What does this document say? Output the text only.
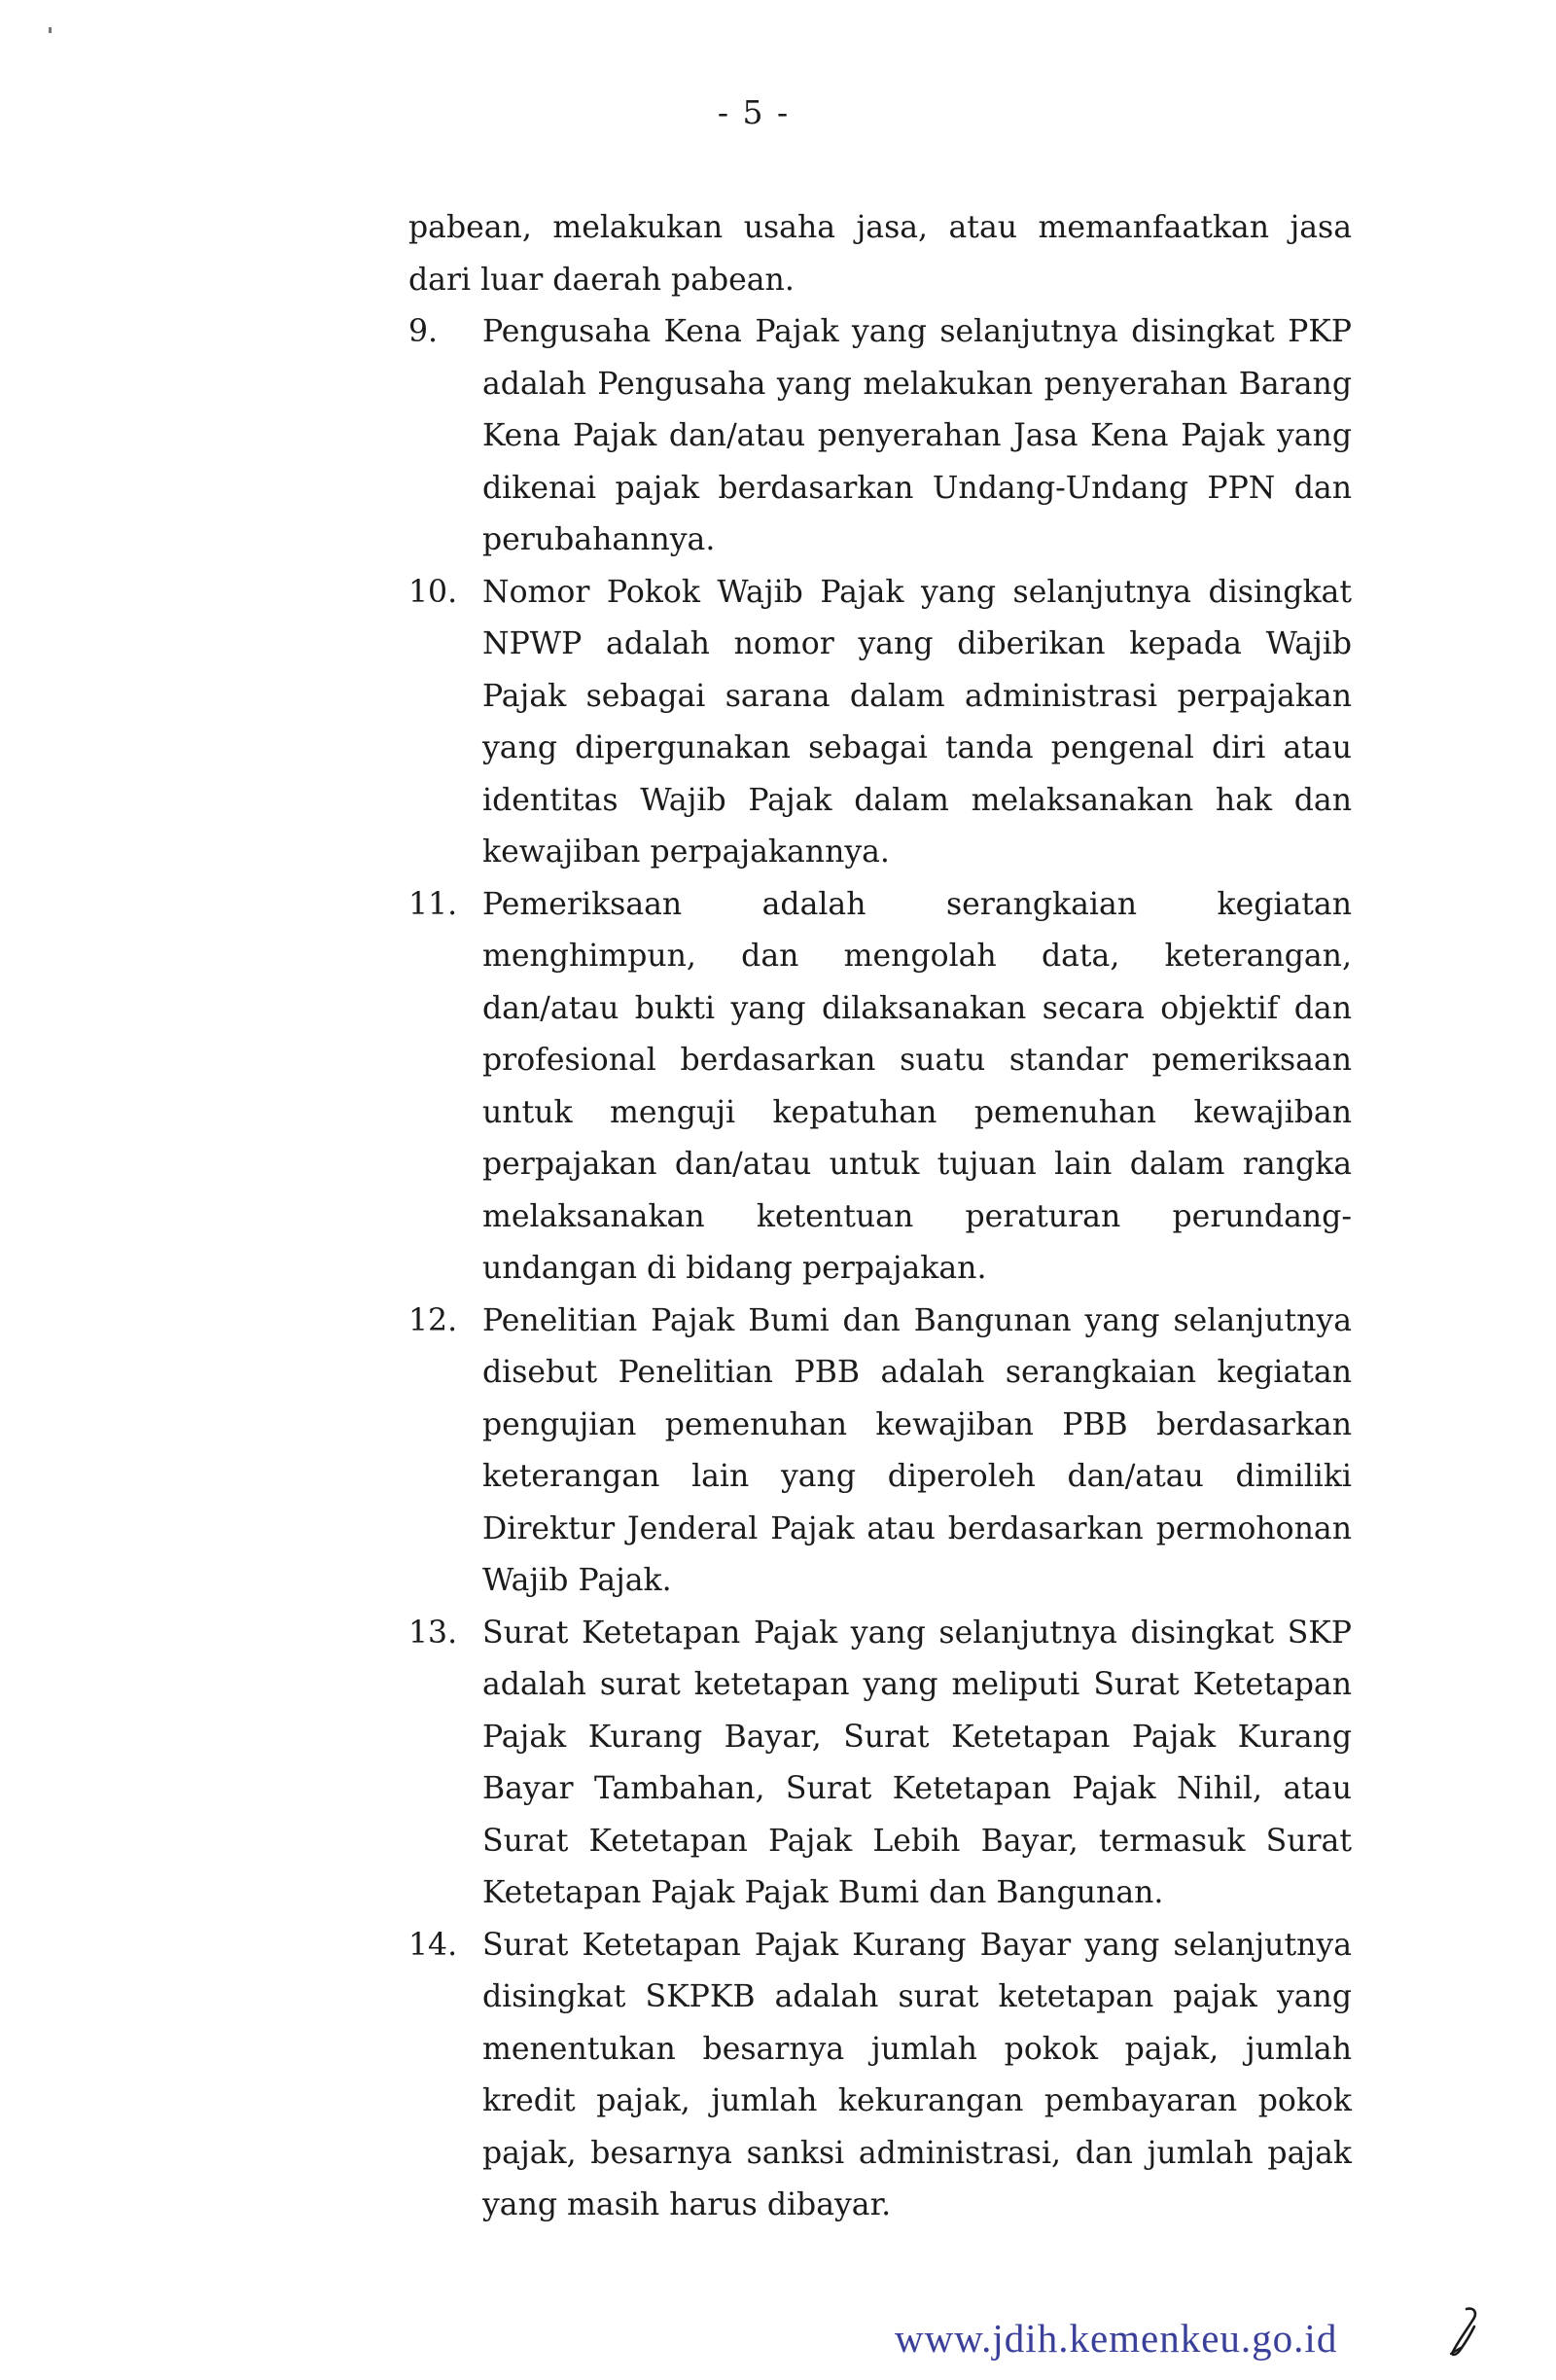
- 5 -
pabean, melakukan usaha jasa, atau memanfaatkan jasa dari luar daerah pabean.
9. Pengusaha Kena Pajak yang selanjutnya disingkat PKP adalah Pengusaha yang melakukan penyerahan Barang Kena Pajak dan/atau penyerahan Jasa Kena Pajak yang dikenai pajak berdasarkan Undang-Undang PPN dan perubahannya.
10. Nomor Pokok Wajib Pajak yang selanjutnya disingkat NPWP adalah nomor yang diberikan kepada Wajib Pajak sebagai sarana dalam administrasi perpajakan yang dipergunakan sebagai tanda pengenal diri atau identitas Wajib Pajak dalam melaksanakan hak dan kewajiban perpajakannya.
11. Pemeriksaan adalah serangkaian kegiatan menghimpun, dan mengolah data, keterangan, dan/atau bukti yang dilaksanakan secara objektif dan profesional berdasarkan suatu standar pemeriksaan untuk menguji kepatuhan pemenuhan kewajiban perpajakan dan/atau untuk tujuan lain dalam rangka melaksanakan ketentuan peraturan perundang-undangan di bidang perpajakan.
12. Penelitian Pajak Bumi dan Bangunan yang selanjutnya disebut Penelitian PBB adalah serangkaian kegiatan pengujian pemenuhan kewajiban PBB berdasarkan keterangan lain yang diperoleh dan/atau dimiliki Direktur Jenderal Pajak atau berdasarkan permohonan Wajib Pajak.
13. Surat Ketetapan Pajak yang selanjutnya disingkat SKP adalah surat ketetapan yang meliputi Surat Ketetapan Pajak Kurang Bayar, Surat Ketetapan Pajak Kurang Bayar Tambahan, Surat Ketetapan Pajak Nihil, atau Surat Ketetapan Pajak Lebih Bayar, termasuk Surat Ketetapan Pajak Pajak Bumi dan Bangunan.
14. Surat Ketetapan Pajak Kurang Bayar yang selanjutnya disingkat SKPKB adalah surat ketetapan pajak yang menentukan besarnya jumlah pokok pajak, jumlah kredit pajak, jumlah kekurangan pembayaran pokok pajak, besarnya sanksi administrasi, dan jumlah pajak yang masih harus dibayar.
www.jdih.kemenkeu.go.id
